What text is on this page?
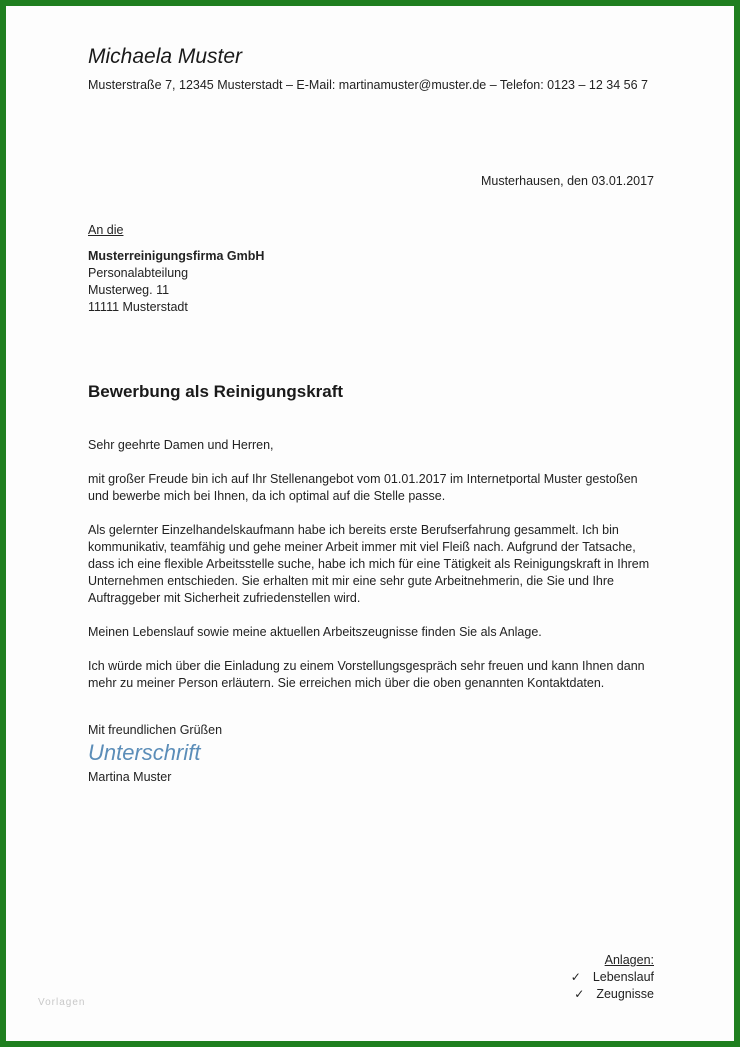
Michaela Muster
Musterstraße 7, 12345 Musterstadt – E-Mail: martinamuster@muster.de – Telefon: 0123 – 12 34 56 7
Musterhausen, den 03.01.2017
An die
Musterreinigungsfirma GmbH
Personalabteilung
Musterweg. 11
11111 Musterstadt
Bewerbung als Reinigungskraft

Sehr geehrte Damen und Herren,

mit großer Freude bin ich auf Ihr Stellenangebot vom 01.01.2017 im Internetportal Muster gestoßen und bewerbe mich bei Ihnen, da ich optimal auf die Stelle passe.

Als gelernter Einzelhandelskaufmann habe ich bereits erste Berufserfahrung gesammelt. Ich bin kommunikativ, teamfähig und gehe meiner Arbeit immer mit viel Fleiß nach. Aufgrund der Tatsache, dass ich eine flexible Arbeitsstelle suche, habe ich mich für eine Tätigkeit als Reinigungskraft in Ihrem Unternehmen entschieden. Sie erhalten mit mir eine sehr gute Arbeitnehmerin, die Sie und Ihre Auftraggeber mit Sicherheit zufriedenstellen wird.

Meinen Lebenslauf sowie meine aktuellen Arbeitszeugnisse finden Sie als Anlage.

Ich würde mich über die Einladung zu einem Vorstellungsgespräch sehr freuen und kann Ihnen dann mehr zu meiner Person erläutern. Sie erreichen mich über die oben genannten Kontaktdaten.

Mit freundlichen Grüßen
Unterschrift
Martina Muster
Anlagen:
✓ Lebenslauf
✓ Zeugnisse
Vorlagen
